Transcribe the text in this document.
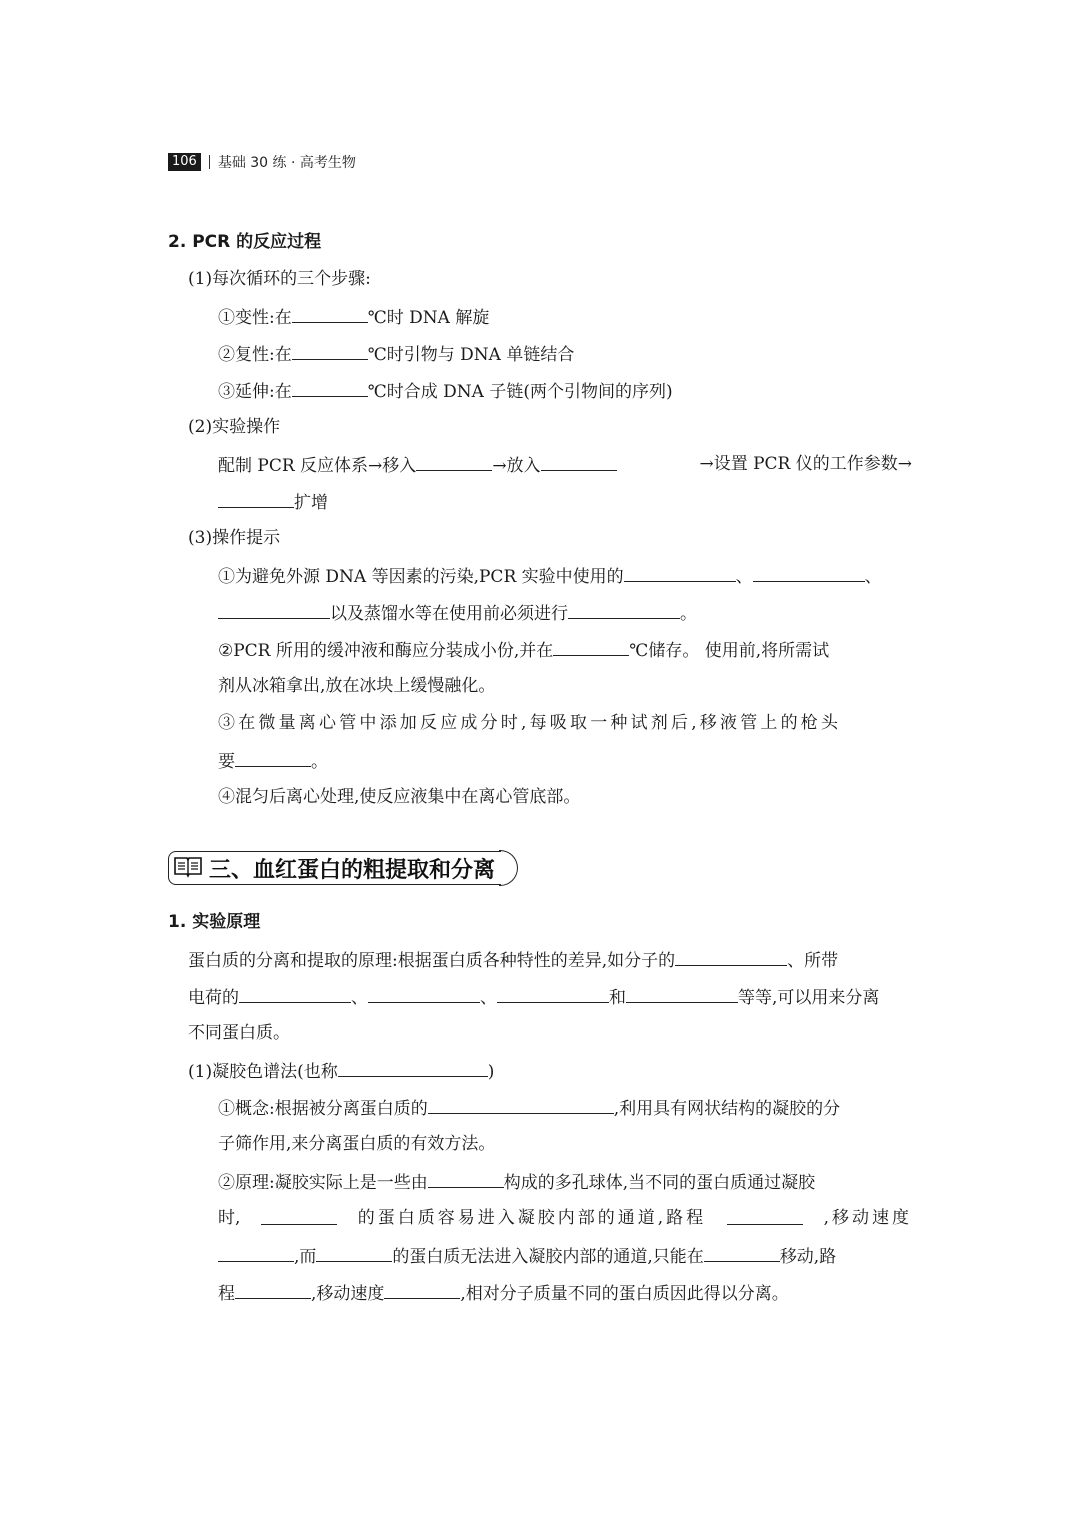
106 基础 30 练 · 高考生物
2. PCR 的反应过程
(1)每次循环的三个步骤:
①变性:在	℃时 DNA 解旋
②复性:在	℃时引物与 DNA 单链结合
③延伸:在	℃时合成 DNA 子链(两个引物间的序列)
(2)实验操作
配制 PCR 反应体系→移入	→放入	→设置 PCR 仪的工作参数→
扩增
(3)操作提示
①为避免外源 DNA 等因素的污染,PCR 实验中使用的	、	、
以及蒸馏水等在使用前必须进行	。
②PCR 所用的缓冲液和酶应分装成小份,并在	℃储存。 使用前,将所需试
剂从冰箱拿出,放在冰块上缓慢融化。
③在微量离心管中添加反应成分时,每吸取一种试剂后,移液管上的枪头
要	。
④混匀后离心处理,使反应液集中在离心管底部。
三、血红蛋白的粗提取和分离
1. 实验原理
蛋白质的分离和提取的原理:根据蛋白质各种特性的差异,如分子的	、所带
电荷的	、	、	和	等等,可以用来分离
不同蛋白质。
(1)凝胶色谱法(也称	)
①概念:根据被分离蛋白质的	,利用具有网状结构的凝胶的分
子筛作用,来分离蛋白质的有效方法。
②原理:凝胶实际上是一些由	构成的多孔球体,当不同的蛋白质通过凝胶
时,	的蛋白质容易进入凝胶内部的通道,路程	,移动速度
,而	的蛋白质无法进入凝胶内部的通道,只能在	移动,路
程	,移动速度	,相对分子质量不同的蛋白质因此得以分离。
